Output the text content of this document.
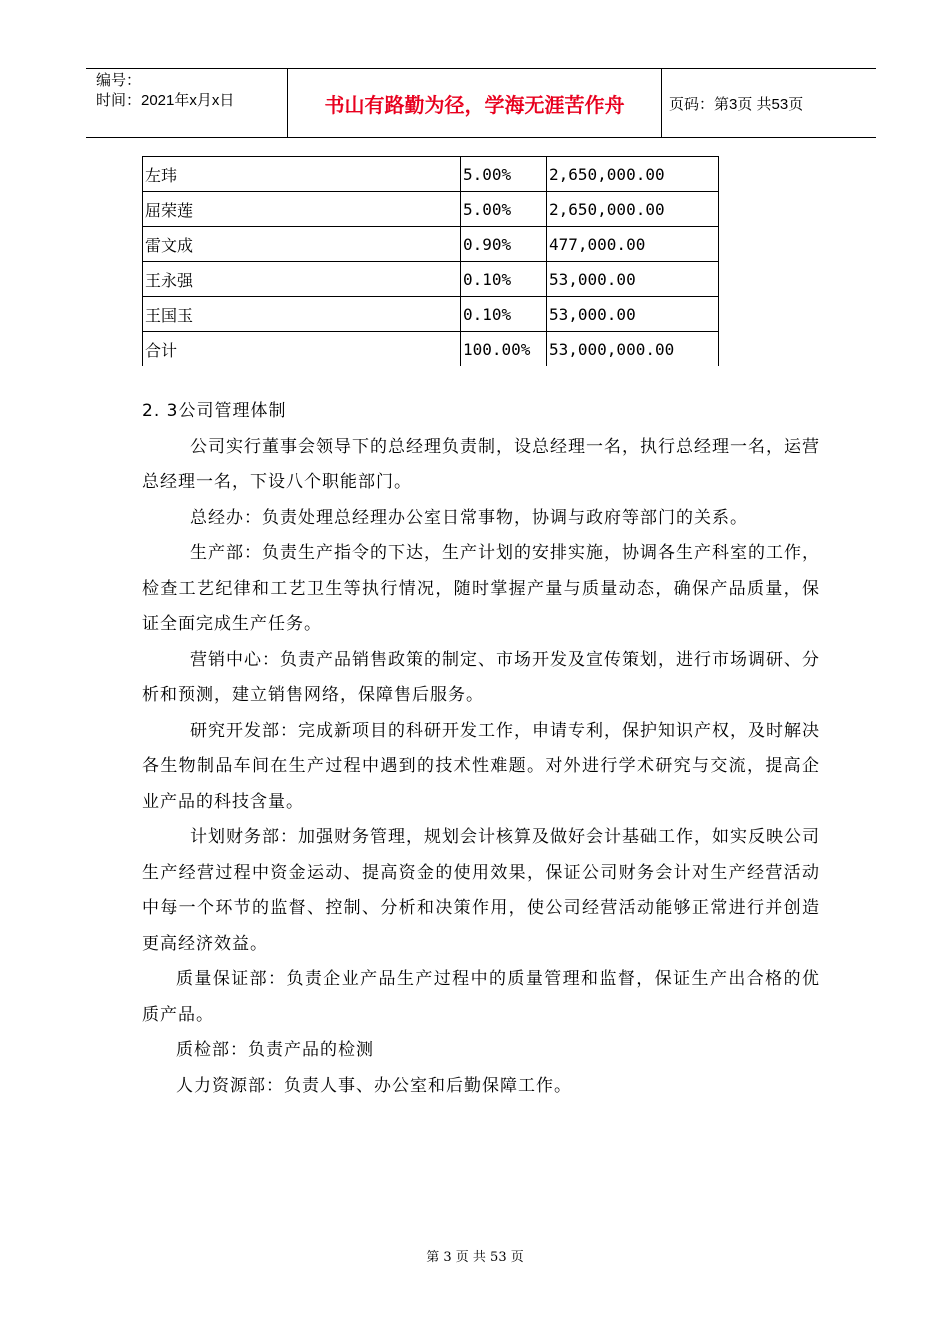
编号：
时间：2021年x月x日	书山有路勤为径，学海无涯苦作舟	页码：第3页 共53页
左玮	5.00%	2,650,000.00
屈荣莲	5.00%	2,650,000.00
雷文成	0.90%	477,000.00
王永强	0.10%	53,000.00
王国玉	0.10%	53,000.00
合计	100.00%	53,000,000.00

2. 3公司管理体制

公司实行董事会领导下的总经理负责制，设总经理一名，执行总经理一名，运营总经理一名，下设八个职能部门。

总经办：负责处理总经理办公室日常事物，协调与政府等部门的关系。

生产部：负责生产指令的下达，生产计划的安排实施，协调各生产科室的工作，检查工艺纪律和工艺卫生等执行情况，随时掌握产量与质量动态，确保产品质量，保证全面完成生产任务。

营销中心：负责产品销售政策的制定、市场开发及宣传策划，进行市场调研、分析和预测，建立销售网络，保障售后服务。

研究开发部：完成新项目的科研开发工作，申请专利，保护知识产权，及时解决各生物制品车间在生产过程中遇到的技术性难题。对外进行学术研究与交流，提高企业产品的科技含量。

计划财务部：加强财务管理，规划会计核算及做好会计基础工作，如实反映公司生产经营过程中资金运动、提高资金的使用效果，保证公司财务会计对生产经营活动中每一个环节的监督、控制、分析和决策作用，使公司经营活动能够正常进行并创造更高经济效益。

质量保证部：负责企业产品生产过程中的质量管理和监督，保证生产出合格的优质产品。

质检部：负责产品的检测

人力资源部：负责人事、办公室和后勤保障工作。

第 3 页 共 53 页
